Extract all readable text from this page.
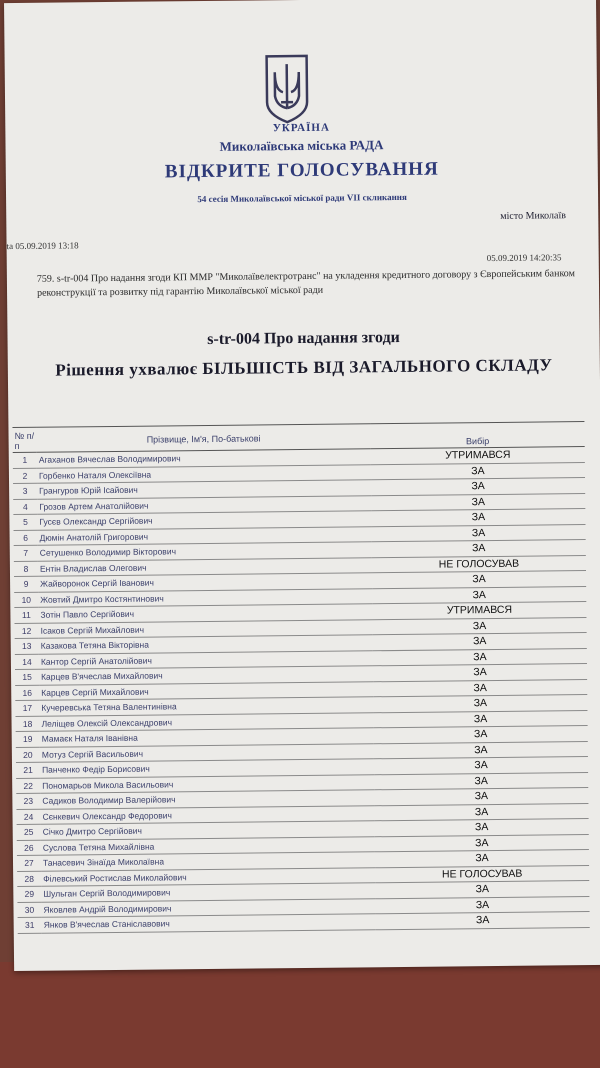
УКРАЇНА
Миколаївська міська РАДА
ВІДКРИТЕ ГОЛОСУВАННЯ
54 сесія Миколаївської міської ради VII скликання
місто Миколаїв
ta 05.09.2019 13:18
05.09.2019 14:20:35
759. s-tr-004 Про надання згоди КП ММР "Миколаївелектротранс" на укладення кредитного договору з Європейським банком реконструкції та розвитку під гарантію Миколаївської міської ради
s-tr-004 Про надання згоди
Рішення ухвалює БІЛЬШІСТЬ ВІД ЗАГАЛЬНОГО СКЛАДУ
№ п/п	Прізвище, Ім'я, По-батькові	Вибір
1	Агаханов Вячеслав Володимирович	УТРИМАВСЯ
2	Горбенко Наталя Олексіївна	ЗА
3	Грангуров Юрій Ісайович	ЗА
4	Грозов Артем Анатолійович	ЗА
5	Гусєв Олександр Сергійович	ЗА
6	Дюмін Анатолій Григорович	ЗА
7	Сетушенко Володимир Вікторович	ЗА
8	Ентін Владислав Олегович	НЕ ГОЛОСУВАВ
9	Жайворонок Сергій Іванович	ЗА
10	Жовтий Дмитро Костянтинович	ЗА
11	Зотін Павло Сергійович	УТРИМАВСЯ
12	Ісаков Сергій Михайлович	ЗА
13	Казакова Тетяна Вікторівна	ЗА
14	Кантор Сергій Анатолійович	ЗА
15	Карцев В'ячеслав Михайлович	ЗА
16	Карцев Сергій Михайлович	ЗА
17	Кучеревська Тетяна Валентинівна	ЗА
18	Леліщев Олексій Олександрович	ЗА
19	Мамаєк Наталя Іванівна	ЗА
20	Мотуз Сергій Васильович	ЗА
21	Панченко Федір Борисович	ЗА
22	Пономарьов Микола Васильович	ЗА
23	Садиков Володимир Валерійович	ЗА
24	Сєнкевич Олександр Федорович	ЗА
25	Січко Дмитро Сергійович	ЗА
26	Суслова Тетяна Михайлівна	ЗА
27	Танасевич Зінаїда Миколаївна	ЗА
28	Філевський Ростислав Миколайович	НЕ ГОЛОСУВАВ
29	Шульган Сергій Володимирович	ЗА
30	Яковлев Андрій Володимирович	ЗА
31	Янков В'ячеслав Станіславович	ЗА
